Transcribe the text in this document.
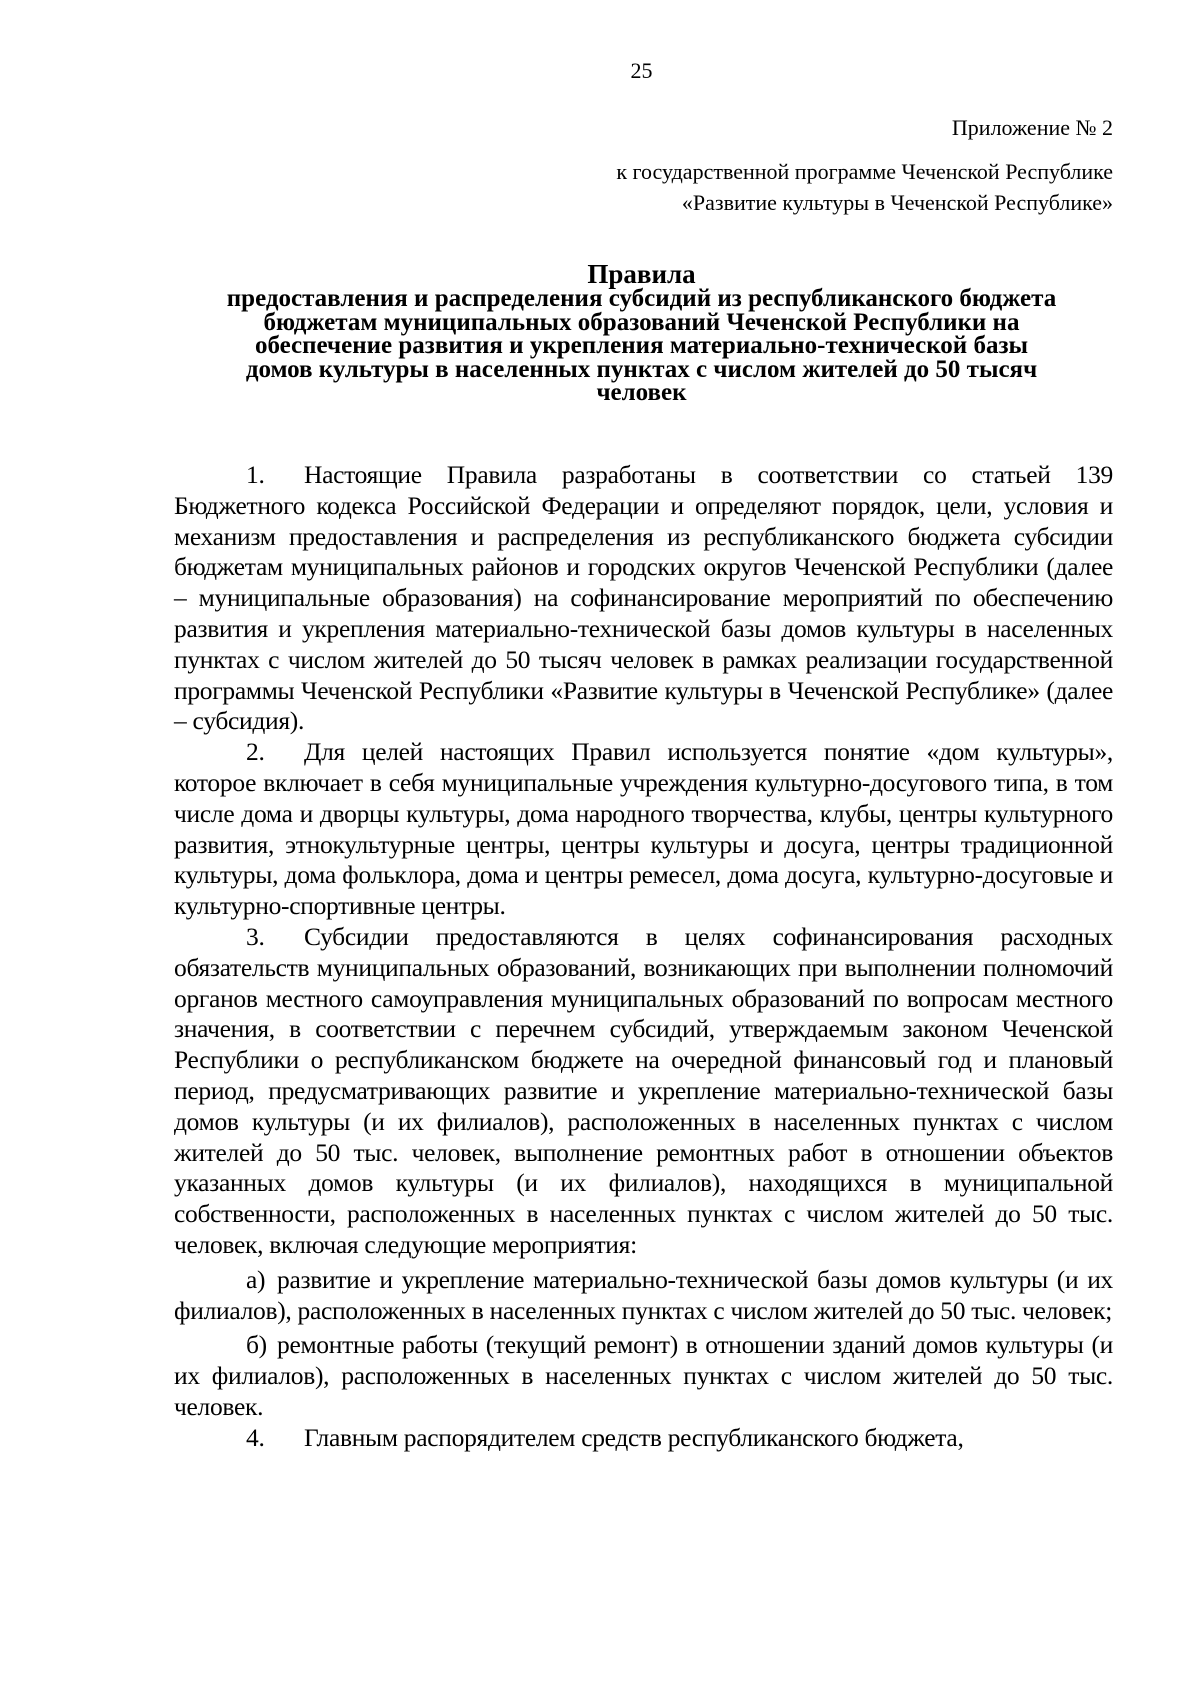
25
Приложение № 2
к государственной программе Чеченской Республике
«Развитие культуры в Чеченской Республике»
Правила
предоставления и распределения субсидий из республиканского бюджета
бюджетам муниципальных образований Чеченской Республики на
обеспечение развития и укрепления материально-технической базы
домов культуры в населенных пунктах с числом жителей до 50 тысяч
человек

1. Настоящие Правила разработаны в соответствии со статьей 139 Бюджетного кодекса Российской Федерации и определяют порядок, цели, условия и механизм предоставления и распределения из республиканского бюджета субсидии бюджетам муниципальных районов и городских округов Чеченской Республики (далее – муниципальные образования) на софинансирование мероприятий по обеспечению развития и укрепления материально-технической базы домов культуры в населенных пунктах с числом жителей до 50 тысяч человек в рамках реализации государственной программы Чеченской Республики «Развитие культуры в Чеченской Республике» (далее – субсидия).

2. Для целей настоящих Правил используется понятие «дом культуры», которое включает в себя муниципальные учреждения культурно-досугового типа, в том числе дома и дворцы культуры, дома народного творчества, клубы, центры культурного развития, этнокультурные центры, центры культуры и досуга, центры традиционной культуры, дома фольклора, дома и центры ремесел, дома досуга, культурно-досуговые и культурно-спортивные центры.

3. Субсидии предоставляются в целях софинансирования расходных обязательств муниципальных образований, возникающих при выполнении полномочий органов местного самоуправления муниципальных образований по вопросам местного значения, в соответствии с перечнем субсидий, утверждаемым законом Чеченской Республики о республиканском бюджете на очередной финансовый год и плановый период, предусматривающих развитие и укрепление материально-технической базы домов культуры (и их филиалов), расположенных в населенных пунктах с числом жителей до 50 тыс. человек, выполнение ремонтных работ в отношении объектов указанных домов культуры (и их филиалов), находящихся в муниципальной собственности, расположенных в населенных пунктах с числом жителей до 50 тыс. человек, включая следующие мероприятия:

а) развитие и укрепление материально-технической базы домов культуры (и их филиалов), расположенных в населенных пунктах с числом жителей до 50 тыс. человек;

б) ремонтные работы (текущий ремонт) в отношении зданий домов культуры (и их филиалов), расположенных в населенных пунктах с числом жителей до 50 тыс. человек.

4. Главным распорядителем средств республиканского бюджета,
